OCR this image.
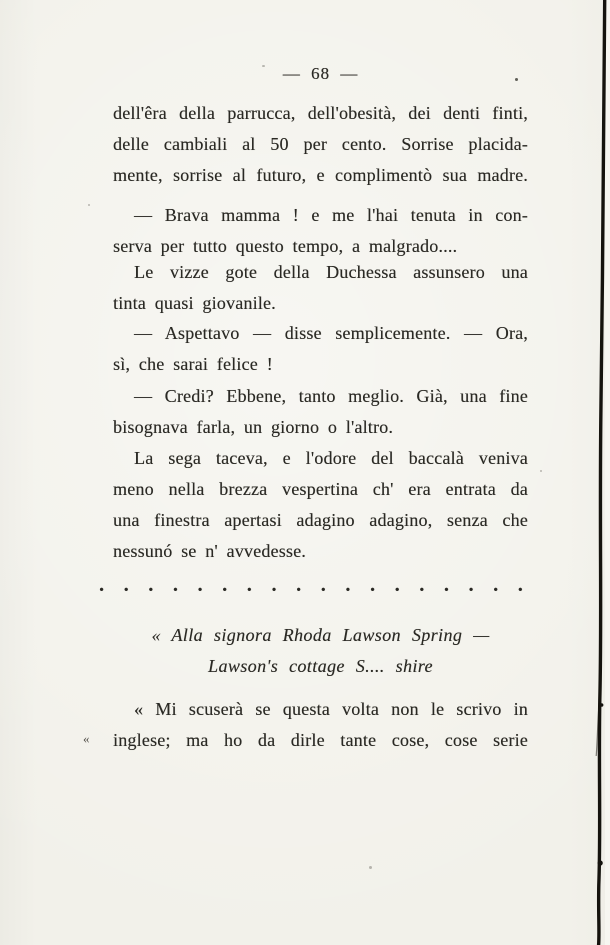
— 68 —
dell'êra della parrucca, dell'obesità, dei denti finti,
delle cambiali al 50 per cento. Sorrise placida-
mente, sorrise al futuro, e complimentò sua madre.
— Brava mamma ! e me l'hai tenuta in con-
serva per tutto questo tempo, a malgrado....
Le vizze gote della Duchessa assunsero una
tinta quasi giovanile.
— Aspettavo — disse semplicemente. — Ora,
sì, che sarai felice !
— Credi? Ebbene, tanto meglio. Già, una fine
bisognava farla, un giorno o l'altro.
La sega taceva, e l'odore del baccalà veniva
meno nella brezza vespertina ch' era entrata da
una finestra apertasi adagino adagino, senza che
nessunó se n' avvedesse.
. . . . . . . . . . . . . . . . . .
« Alla signora Rhoda Lawson Spring —
Lawson's cottage S.... shire
« Mi scuserà se questa volta non le scrivo in
inglese; ma ho da dirle tante cose, cose serie
«
